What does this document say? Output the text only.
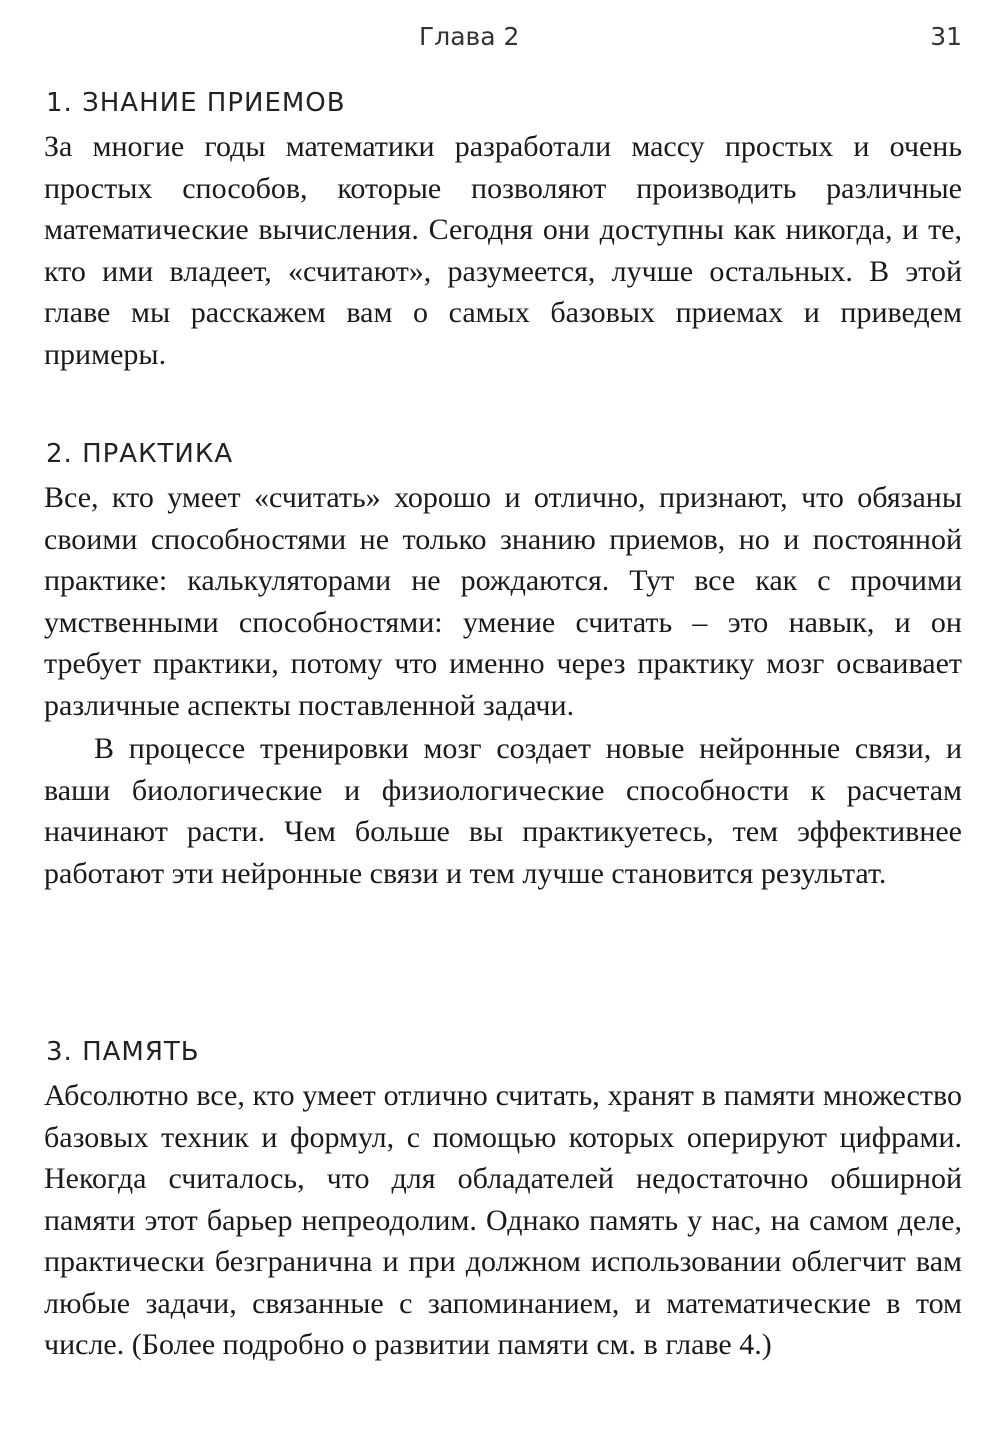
Глава 2	31
1. ЗНАНИЕ ПРИЕМОВ

За многие годы математики разработали массу простых и очень простых способов, которые позволяют производить различные математические вычисления. Сегодня они доступны как никогда, и те, кто ими владеет, «считают», разумеется, лучше остальных. В этой главе мы расскажем вам о самых базовых приемах и приведем примеры.

2. ПРАКТИКА

Все, кто умеет «считать» хорошо и отлично, признают, что обязаны своими способностями не только знанию приемов, но и постоянной практике: калькуляторами не рождаются. Тут все как с прочими умственными способностями: умение считать – это навык, и он требует практики, потому что именно через практику мозг осваивает различные аспекты поставленной задачи.

В процессе тренировки мозг создает новые нейронные связи, и ваши биологические и физиологические способности к расчетам начинают расти. Чем больше вы практикуетесь, тем эффективнее работают эти нейронные связи и тем лучше становится результат.

3. ПАМЯТЬ

Абсолютно все, кто умеет отлично считать, хранят в памяти множество базовых техник и формул, с помощью которых оперируют цифрами. Некогда считалось, что для обладателей недостаточно обширной памяти этот барьер непреодолим. Однако память у нас, на самом деле, практически безгранична и при должном использовании облегчит вам любые задачи, связанные с запоминанием, и математические в том числе. (Более подробно о развитии памяти см. в главе 4.)
